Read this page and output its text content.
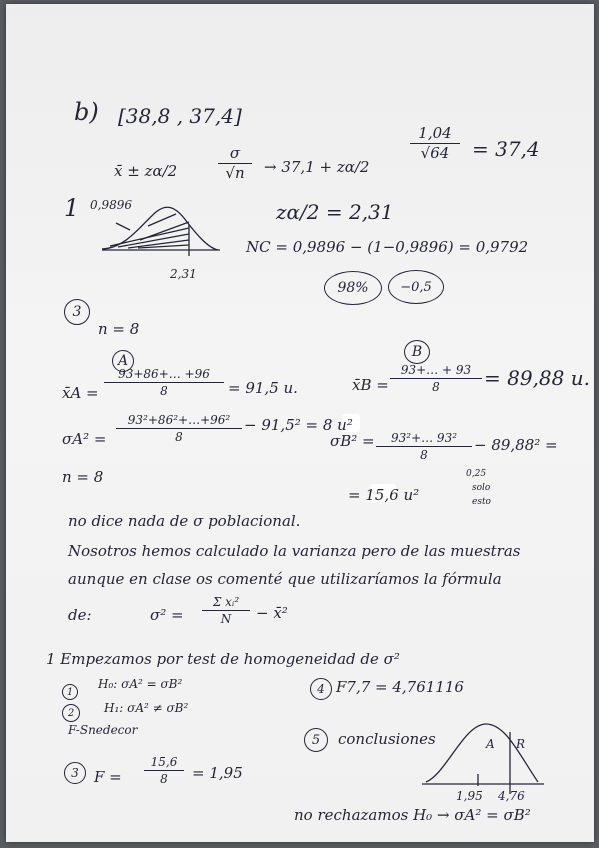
b) [38,8 , 37,4]
x̄ ± zα/2
σ
√n	→ 37,1 + zα/2
1,04
√64	= 37,4
1 0,9896
2,31
zα/2 = 2,31
NC = 0,9896 − (1−0,9896) = 0,9792
98%	−0,5
3
n = 8
A
B
x̄A =
93+86+… +96
8	= 91,5 u.	x̄B =
93+… + 93
8	= 89,88 u.
σA² =
93²+86²+…+96²
8
− 91,5² = 8 u²
σB² =	93²+… 93²
8
− 89,88² =
n = 8
= 15,6 u²
0,25
solo
esto
no dice nada de σ poblacional.
Nosotros hemos calculado la varianza pero de las muestras
aunque en clase os comenté que utilizaríamos la fórmula
de:	σ² =
Σ xᵢ²
N	− x̄²
1 Empezamos por test de homogeneidad de σ²
1
H₀: σA² = σB²
2	H₁: σA² ≠ σB²
F-Snedecor
4 F7,7 = 4,761116
5	conclusiones
3	F =
15,6
8	= 1,95
A R
1,95 4,76
no rechazamos H₀ → σA² = σB²
